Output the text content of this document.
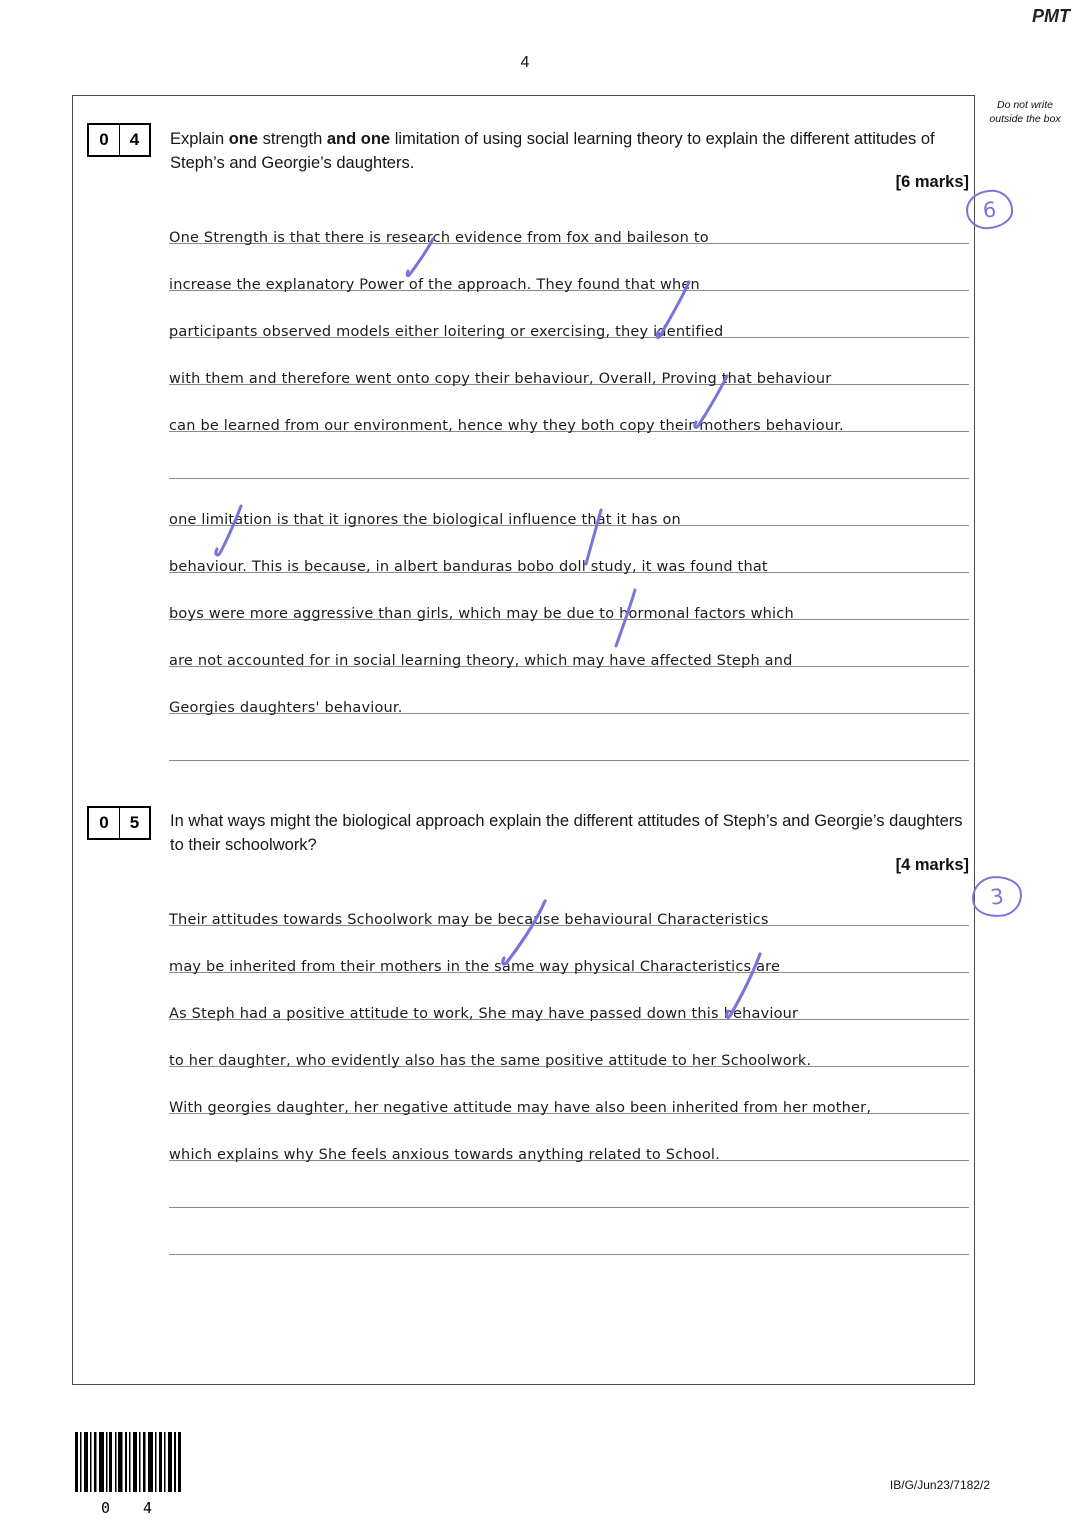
PMT
4
Do not write outside the box
0	4	Explain one strength and one limitation of using social learning theory to explain the different attitudes of Steph’s and Georgie’s daughters.
[6 marks]
One Strength is that there is research evidence from fox and baileson to
increase the explanatory Power of the approach. They found that when
participants observed models either loitering or exercising, they identified
with them and therefore went onto copy their behaviour, Overall, Proving that behaviour
can be learned from our environment, hence why they both copy their mothers behaviour.
one limitation is that it ignores the biological influence that it has on
behaviour. This is because, in albert banduras bobo doll study, it was found that
boys were more aggressive than girls, which may be due to hormonal factors which
are not accounted for in social learning theory, which may have affected Steph and
Georgies daughters' behaviour.
0	5	In what ways might the biological approach explain the different attitudes of Steph’s and Georgie’s daughters to their schoolwork?
[4 marks]
Their attitudes towards Schoolwork may be because behavioural Characteristics
may be inherited from their mothers in the same way physical Characteristics are
As Steph had a positive attitude to work, She may have passed down this behaviour
to her daughter, who evidently also has the same positive attitude to her Schoolwork.
With georgies daughter, her negative attitude may have also been inherited from her mother,
which explains why She feels anxious towards anything related to School.
6
3
0 4
IB/G/Jun23/7182/2
